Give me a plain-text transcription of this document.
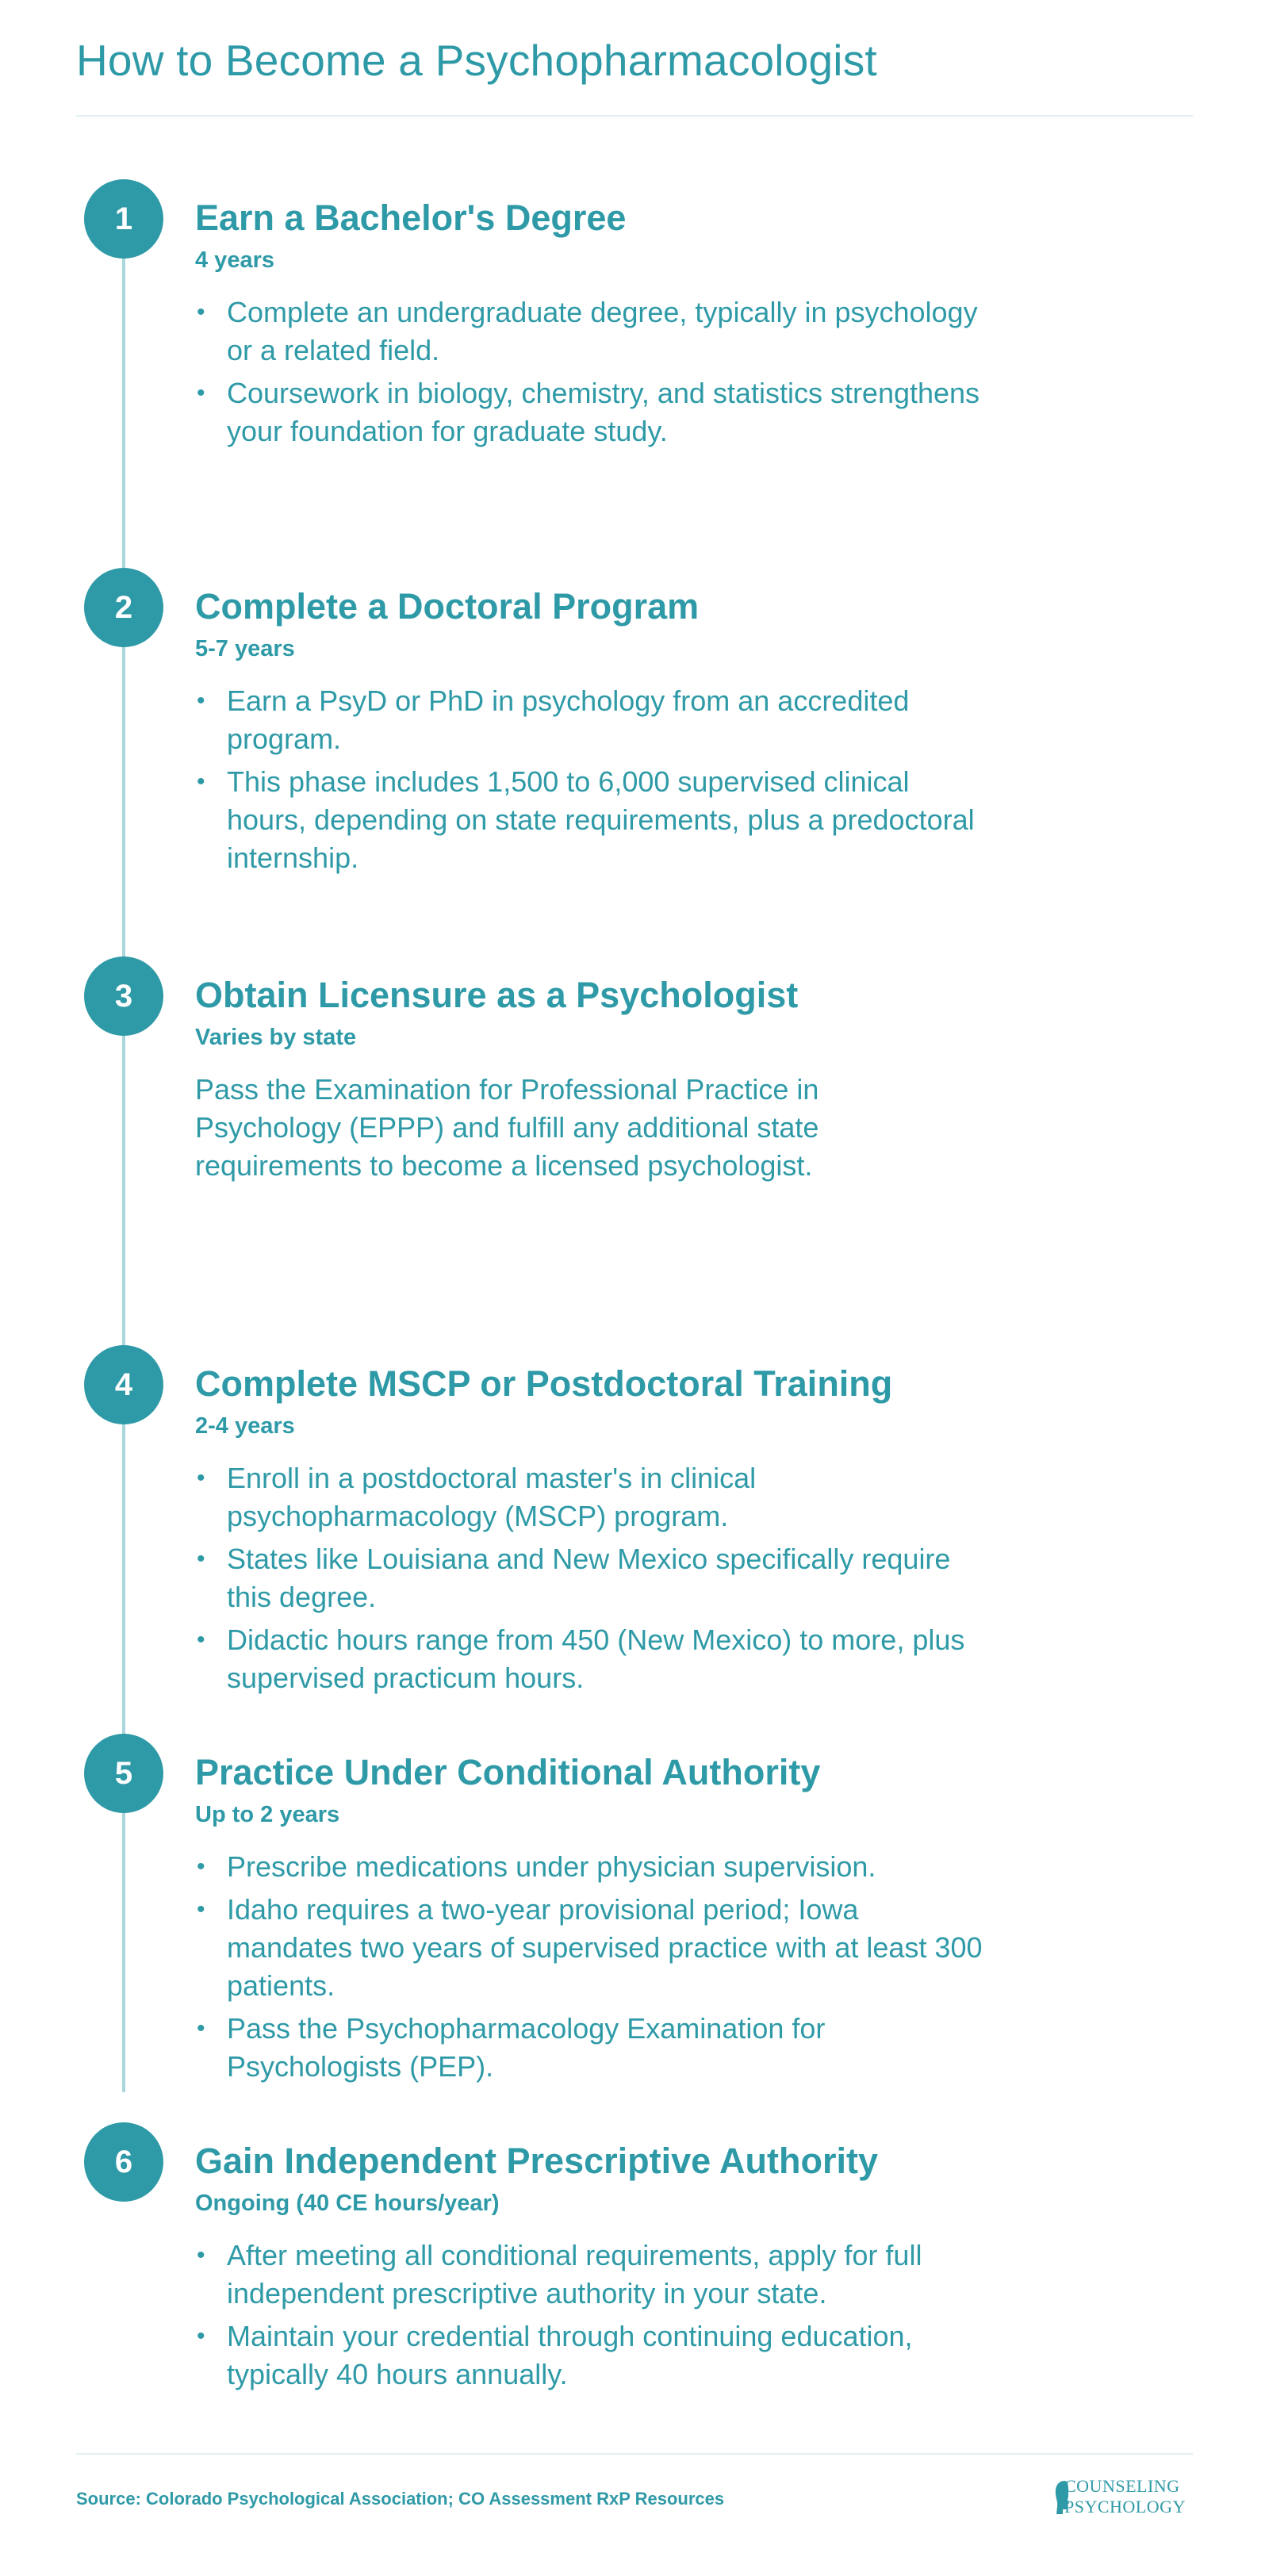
How to Become a Psychopharmacologist
1	Earn a Bachelor's Degree
4 years
• Complete an undergraduate degree, typically in psychology or a related field.
• Coursework in biology, chemistry, and statistics strengthens your foundation for graduate study.
2	Complete a Doctoral Program
5-7 years
• Earn a PsyD or PhD in psychology from an accredited program.
• This phase includes 1,500 to 6,000 supervised clinical hours, depending on state requirements, plus a predoctoral internship.
3	Obtain Licensure as a Psychologist
Varies by state

Pass the Examination for Professional Practice in Psychology (EPPP) and fulfill any additional state requirements to become a licensed psychologist.

4	Complete MSCP or Postdoctoral Training
2-4 years
• Enroll in a postdoctoral master's in clinical psychopharmacology (MSCP) program.
• States like Louisiana and New Mexico specifically require this degree.
• Didactic hours range from 450 (New Mexico) to more, plus supervised practicum hours.
5	Practice Under Conditional Authority
Up to 2 years
• Prescribe medications under physician supervision.
• Idaho requires a two-year provisional period; Iowa mandates two years of supervised practice with at least 300 patients.
• Pass the Psychopharmacology Examination for Psychologists (PEP).
6	Gain Independent Prescriptive Authority
Ongoing (40 CE hours/year)
• After meeting all conditional requirements, apply for full independent prescriptive authority in your state.
• Maintain your credential through continuing education, typically 40 hours annually.
Source: Colorado Psychological Association; CO Assessment RxP Resources
COUNSELING
PSYCHOLOGY
